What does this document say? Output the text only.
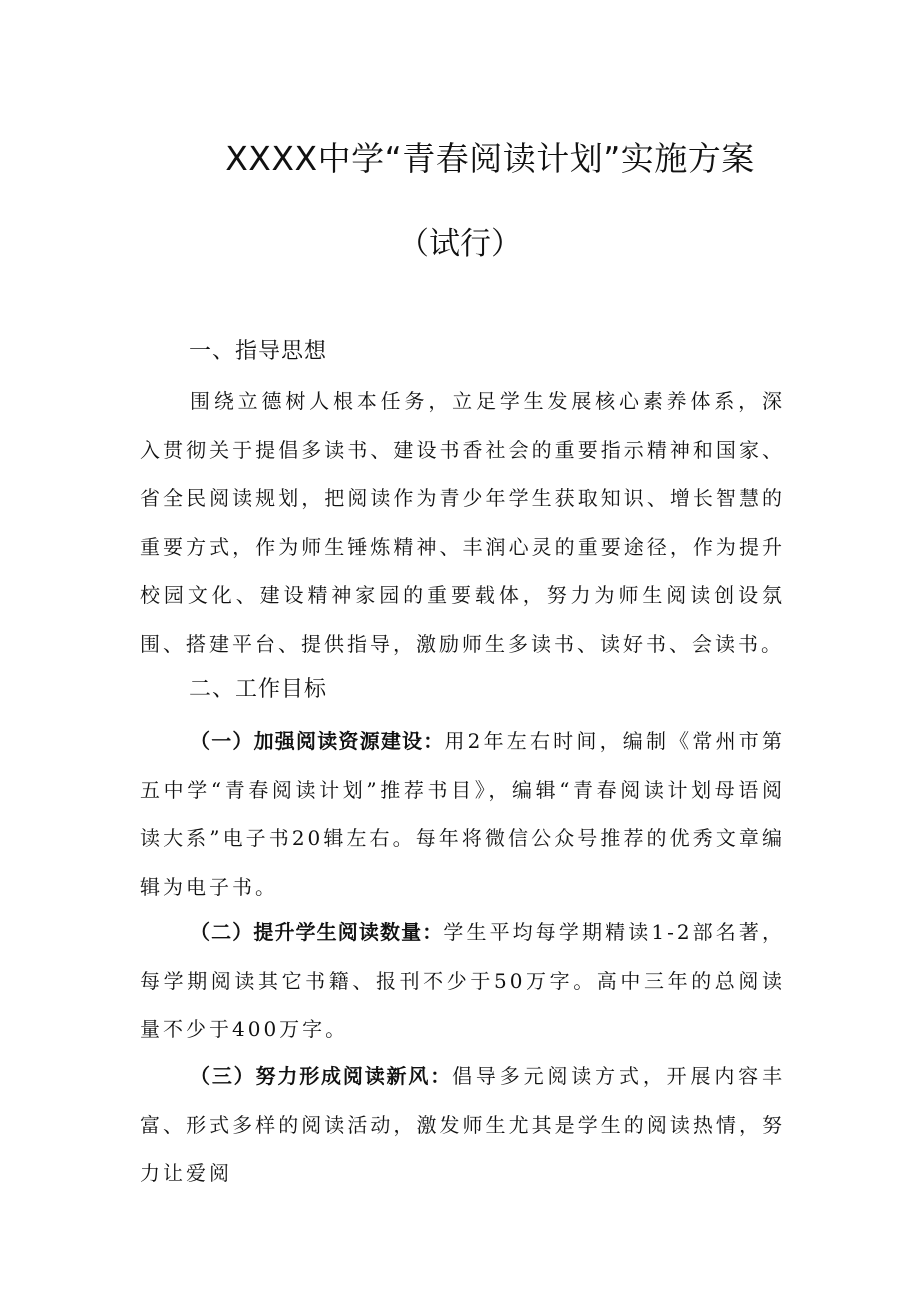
XXXX中学“青春阅读计划”实施方案
（试行）
一、指导思想

围绕立德树人根本任务，立足学生发展核心素养体系，深入贯彻关于提倡多读书、建设书香社会的重要指示精神和国家、省全民阅读规划，把阅读作为青少年学生获取知识、增长智慧的重要方式，作为师生锤炼精神、丰润心灵的重要途径，作为提升校园文化、建设精神家园的重要载体，努力为师生阅读创设氛围、搭建平台、提供指导，激励师生多读书、读好书、会读书。

二、工作目标

（一）加强阅读资源建设：用2年左右时间，编制《常州市第五中学“青春阅读计划”推荐书目》，编辑“青春阅读计划母语阅读大系”电子书20辑左右。每年将微信公众号推荐的优秀文章编辑为电子书。

（二）提升学生阅读数量：学生平均每学期精读1-2部名著，每学期阅读其它书籍、报刊不少于50万字。高中三年的总阅读量不少于400万字。

（三）努力形成阅读新风：倡导多元阅读方式，开展内容丰富、形式多样的阅读活动，激发师生尤其是学生的阅读热情，努力让爱阅
